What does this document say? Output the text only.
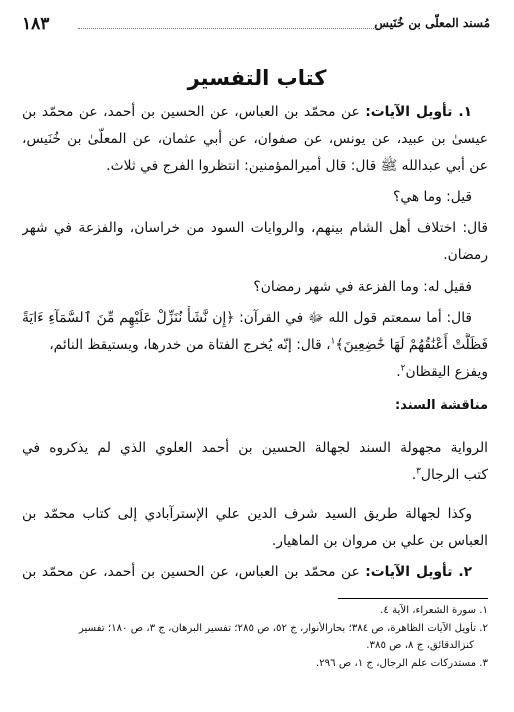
مُسند المعلّى بن خُنَيس
١٨٣
كتاب التفسير
١. تأويل الآيات: عن محمّد بن العباس، عن الحسين بن أحمد، عن محمّد بن
عيسىٰ بن عبيد، عن يونس، عن صفوان، عن أبي عثمان، عن المعلّىٰ بن خُنَيس،
عن أبي عبدالله ﷺ قال: قال أميرالمؤمنين: انتظروا الفرج في ثلاث.
قيل: وما هي؟
قال: اختلاف أهل الشام بينهم، والروايات السود من خراسان، والفزعة في شهر
رمضان.
فقيل له: وما الفزعة في شهر رمضان؟
قال: أما سمعتم قول الله ﷻ في القرآن: ﴿إِن نَّشَأْ نُنَزِّلْ عَلَيْهِم مِّنَ ٱلسَّمَآءِ ءَايَةً
فَظَلَّتْ أَعْنَٰقُهُمْ لَهَا خَٰضِعِينَ﴾$^١$، قال: إنّه يُخرج الفتاة من خدرها، ويستيقظ النائم،
ويفزع اليقظان$^٢$.
مناقشة السند:
الرواية مجهولة السند لجهالة الحسين بن أحمد العلوي الذي لم يذكروه في
كتب الرجال$^٣$.
وكذا لجهالة طريق السيد شرف الدين علي الإسترآبادي إلى كتاب محمّد بن
العباس بن علي بن مروان بن الماهيار.
٢. تأويل الآيات: عن محمّد بن العباس، عن الحسين بن أحمد، عن محمّد بن
١. سورة الشعراء، الآية ٤.
٢. تأويل الآيات الظاهرة، ص ٣٨٤؛ بحارالأنوار، ج ٥٢، ص ٢٨٥؛ تفسير البرهان، ج ٣، ص ١٨٠؛ تفسير
كنزالدقائق، ج ٨، ص ٣٨٥.
٣. مستدركات علم الرجال، ج ١، ص ٢٩٦.
